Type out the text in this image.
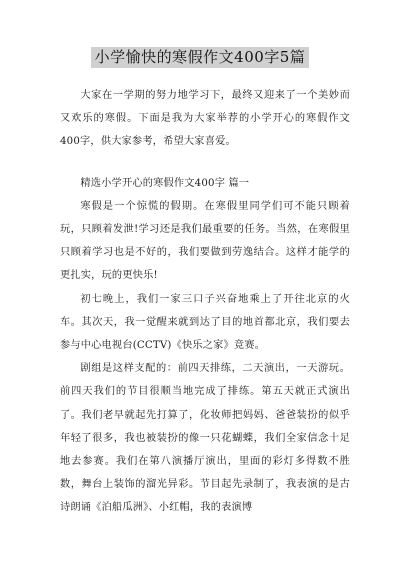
小学愉快的寒假作文400字5篇

大家在一学期的努力地学习下，最终又迎来了一个美妙而又欢乐的寒假。下面是我为大家举荐的小学开心的寒假作文400字，供大家参考，希望大家喜爱。

精选小学开心的寒假作文400字 篇一

寒假是一个惊慌的假期。在寒假里同学们可不能只顾着玩，只顾着发泄!学习还是我们最重要的任务。当然，在寒假里只顾着学习也是不好的，我们要做到劳逸结合。这样才能学的更扎实，玩的更快乐!

初七晚上，我们一家三口子兴奋地乘上了开往北京的火车。其次天，我一觉醒来就到达了目的地首都北京，我们要去参与中心电视台(CCTV)《快乐之家》竞赛。

剧组是这样支配的：前四天排练，二天演出，一天游玩。前四天我们的节目很顺当地完成了排练。第五天就正式演出了。我们老早就起先打算了，化妆师把妈妈、爸爸装扮的似乎年轻了很多，我也被装扮的像一只花蝴蝶，我们全家信念十足地去参赛。我们在第八演播厅演出，里面的彩灯多得数不胜数，舞台上装饰的溜光异彩。节目起先录制了，我表演的是古诗朗诵《泊船瓜洲》、小红帽，我的表演博
